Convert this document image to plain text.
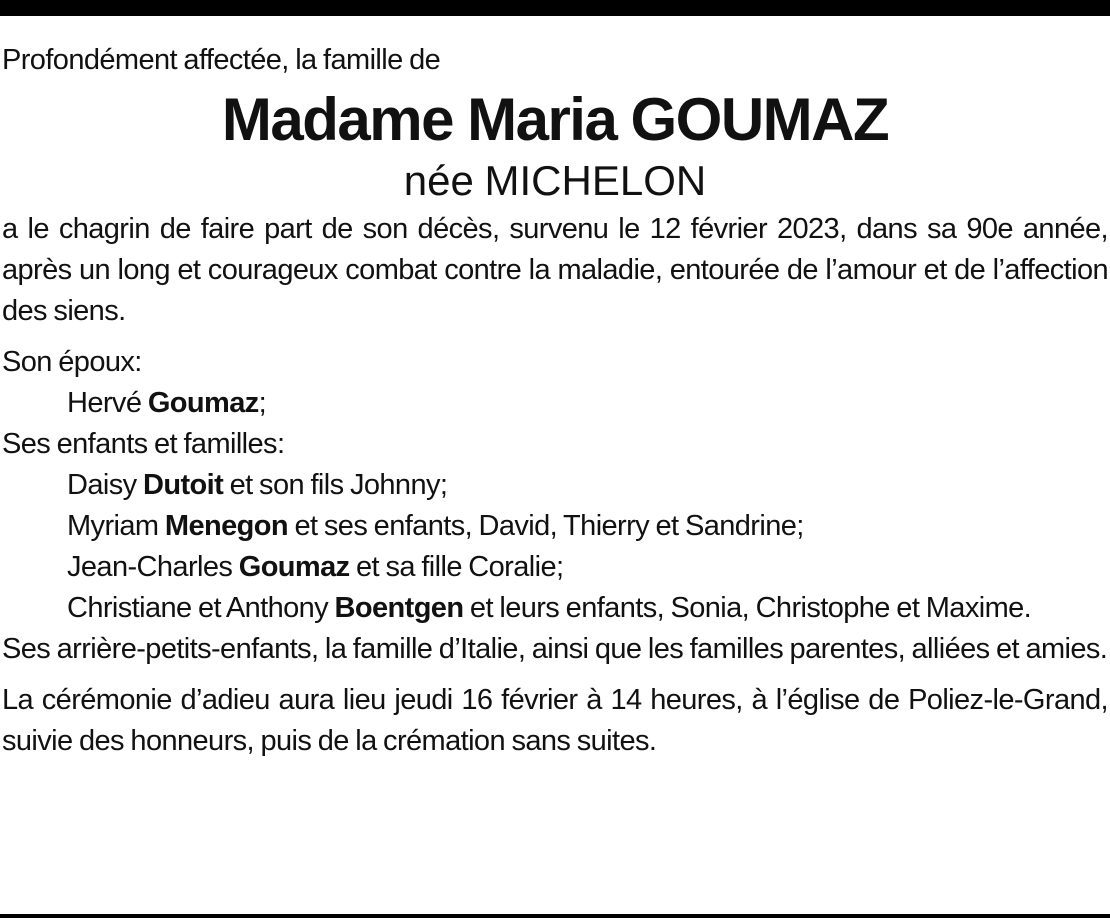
Profondément affectée, la famille de

Madame Maria GOUMAZ

née MICHELON

a le chagrin de faire part de son décès, survenu le 12 février 2023, dans sa 90e année, après un long et courageux combat contre la maladie, entourée de l’amour et de l’affection des siens.

Son époux:
Hervé Goumaz;
Ses enfants et familles:
Daisy Dutoit et son fils Johnny;
Myriam Menegon et ses enfants, David, Thierry et Sandrine;
Jean-Charles Goumaz et sa fille Coralie;
Christiane et Anthony Boentgen et leurs enfants, Sonia, Christophe et Maxime.
Ses arrière-petits-enfants, la famille d’Italie, ainsi que les familles parentes, alliées et amies.

La cérémonie d’adieu aura lieu jeudi 16 février à 14 heures, à l’église de Poliez-le-Grand, suivie des honneurs, puis de la crémation sans suites.
